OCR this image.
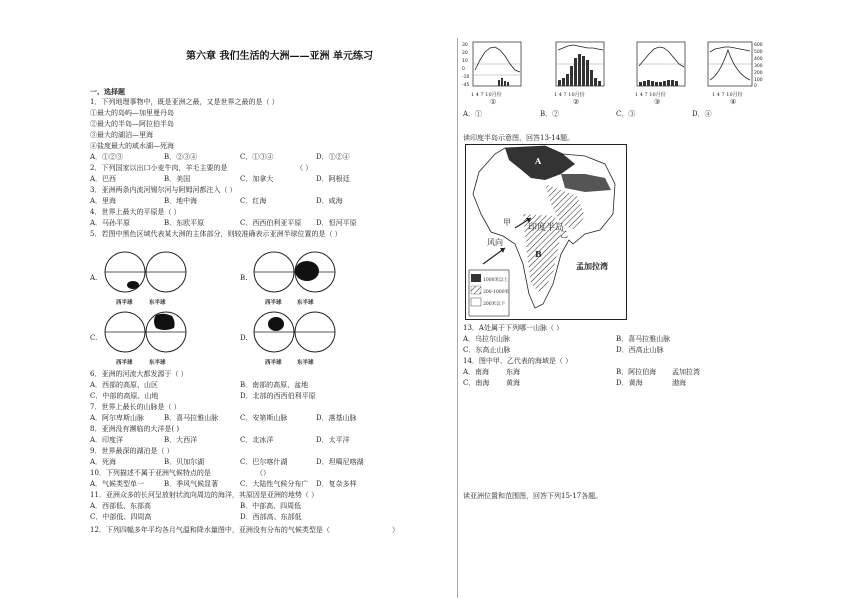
第六章 我们生活的大洲——亚洲 单元练习
一、选择题
1．下列地理事物中，既是亚洲之最，又是世界之最的是（ ）
①最大的岛屿—加里曼丹岛
②最大的半岛—阿拉伯半岛
③最大的湖泊—里海
④盐度最大的咸水湖—死海
A．①②③	B．②③④	C．①③④	D．①②④
2．下列国家以出口小麦牛肉，羊毛主要的是	（ ）
A．巴西	B．美国	C．加拿大	D．阿根廷
3．亚洲两条内流河锡尔河与阿姆河都注入（ ）
A．里海	B．地中海	C．红海	D．咸海
4．世界上最大的平原是（ ）
A．马孙平原	B．东欧平原	C．西西伯利亚平原 D．恒河平原
5．若图中黑色区域代表某大洲的主体部分，则较准确表示亚洲半球位置的是（ ）
A.
西半球	东半球
B.
西半球	东半球
C.
西半球	东半球
D.
西半球	东半球
6．亚洲的河流大都发源于（ ）
A．西部的高原、山区	B．南部的高原、盆地
C．中部的高原、山地	D．北部的西西伯利平原
7．世界上最长的山脉是（ ）
A．阿尔卑斯山脉	B．喜马拉雅山脉	C．安第斯山脉	D．落基山脉
8．亚洲没有濒临的大洋是( )
A．印度洋	B．大西洋	C．北冰洋	D．太平洋
9．世界最深的湖泊是（ ）
A．死海	B．贝加尔湖	C．巴尔喀什湖	D．坦噶尼喀湖
10．下列描述不属于亚洲气候特点的是	（）
A．气候类型单一	B．季风气候显著	C．大陆性气候分布广 D．复杂多样
11．亚洲众多的长河呈放射状流向周边的海洋，其原因是亚洲的地势（ ）
A．西部低、东部高	B．中部高、四周低
C．中部低、四周高	D．西部高、东部低
12．下列四幅多年平均各月气温和降水量图中，亚洲没有分布的气候类型是（	）
30
20
10
0
-10
-45
1 4 7 10月份
①
1 4 7 10月份
②
1 4 7 10月份
③
600
500
400
300
200
100
0
1 4 7 10月份
④
A．①	B．②	C．③	D．④
读印度半岛示意图，回答13-14题。
A
B
风向
印度半岛
甲
乙
孟加拉湾
1000米以上
200-1000米
200米以下
13．A处属于下列哪一山脉（ ）
A．乌拉尔山脉	B．喜马拉雅山脉
C．东高止山脉	D．西高止山脉
14．图中甲、乙代表的海域是（ ）
A．南海 东海	B．阿拉伯海 孟加拉湾
C．南海 黄海	D．黄海	渤海
读亚洲位置和范围图，回答下列15-17各题。
